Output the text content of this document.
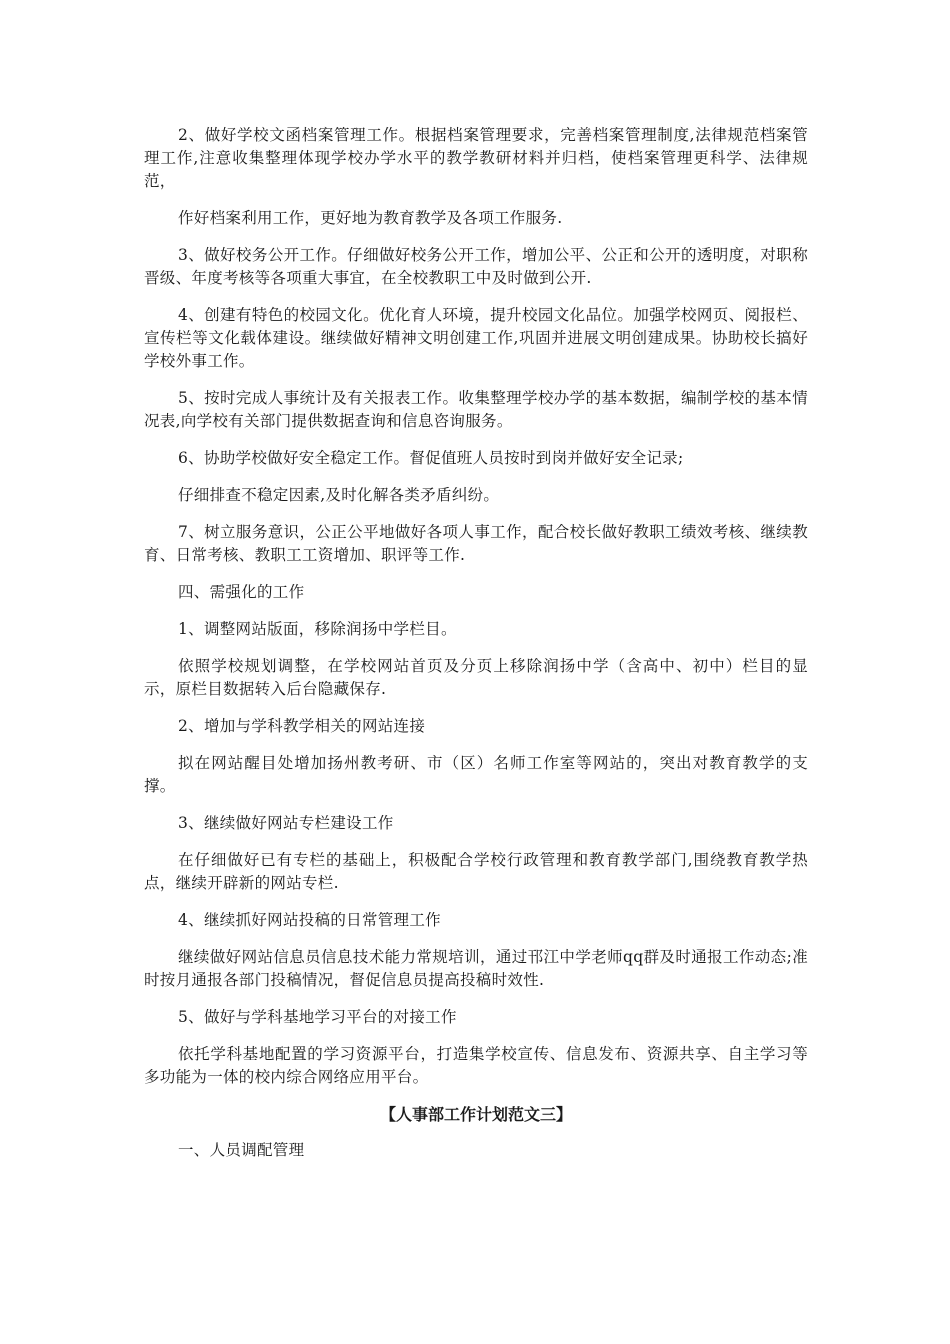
2、做好学校文函档案管理工作。根据档案管理要求，完善档案管理制度,法律规范档案管理工作,注意收集整理体现学校办学水平的教学教研材料并归档，使档案管理更科学、法律规范，

作好档案利用工作，更好地为教育教学及各项工作服务.

3、做好校务公开工作。仔细做好校务公开工作，增加公平、公正和公开的透明度，对职称晋级、年度考核等各项重大事宜，在全校教职工中及时做到公开.

4、创建有特色的校园文化。优化育人环境，提升校园文化品位。加强学校网页、阅报栏、宣传栏等文化载体建设。继续做好精神文明创建工作,巩固并进展文明创建成果。协助校长搞好学校外事工作。

5、按时完成人事统计及有关报表工作。收集整理学校办学的基本数据，编制学校的基本情况表,向学校有关部门提供数据查询和信息咨询服务。

6、协助学校做好安全稳定工作。督促值班人员按时到岗并做好安全记录;

仔细排查不稳定因素,及时化解各类矛盾纠纷。

7、树立服务意识，公正公平地做好各项人事工作，配合校长做好教职工绩效考核、继续教育、日常考核、教职工工资增加、职评等工作.

四、需强化的工作

1、调整网站版面，移除润扬中学栏目。

依照学校规划调整，在学校网站首页及分页上移除润扬中学（含高中、初中）栏目的显示，原栏目数据转入后台隐藏保存.

2、增加与学科教学相关的网站连接

拟在网站醒目处增加扬州教考研、市（区）名师工作室等网站的，突出对教育教学的支撑。

3、继续做好网站专栏建设工作

在仔细做好已有专栏的基础上，积极配合学校行政管理和教育教学部门,围绕教育教学热点，继续开辟新的网站专栏.

4、继续抓好网站投稿的日常管理工作

继续做好网站信息员信息技术能力常规培训，通过邗江中学老师qq群及时通报工作动态;准时按月通报各部门投稿情况，督促信息员提高投稿时效性.

5、做好与学科基地学习平台的对接工作

依托学科基地配置的学习资源平台，打造集学校宣传、信息发布、资源共享、自主学习等多功能为一体的校内综合网络应用平台。

【人事部工作计划范文三】

一、人员调配管理
